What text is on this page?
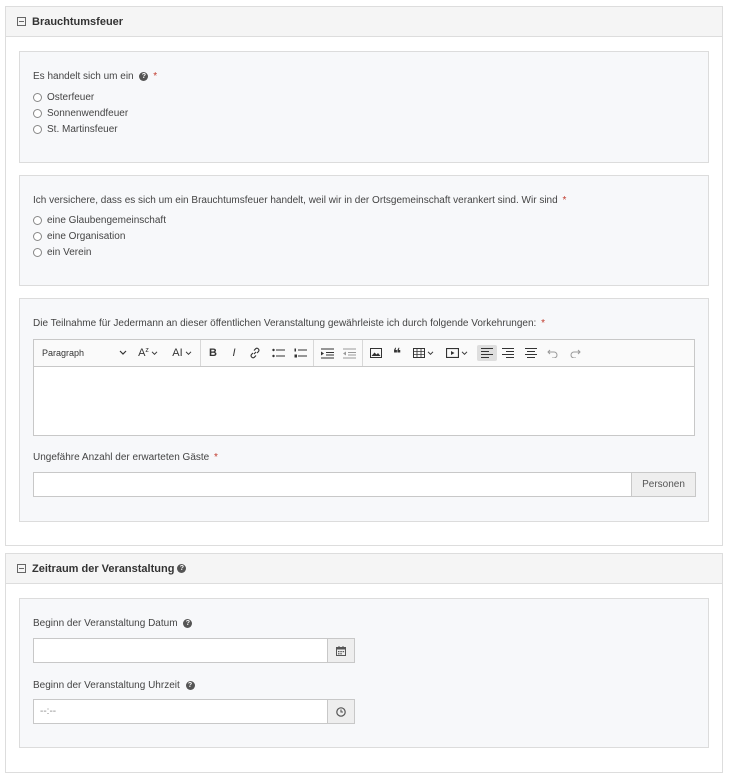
Brauchtumsfeuer
Es handelt sich um ein ? *
Osterfeuer
Sonnenwendfeuer
St. Martinsfeuer
Ich versichere, dass es sich um ein Brauchtumsfeuer handelt, weil wir in der Ortsgemeinschaft verankert sind. Wir sind *
eine Glaubengemeinschaft
eine Organisation
ein Verein
Die Teilnahme für Jedermann an dieser öffentlichen Veranstaltung gewährleiste ich durch folgende Vorkehrungen: *
Paragraph	A z AI	B	I	❝
Ungefähre Anzahl der erwarteten Gäste *
Personen
Zeitraum der Veranstaltung ?
Beginn der Veranstaltung Datum ?
Beginn der Veranstaltung Uhrzeit ?
--:--
